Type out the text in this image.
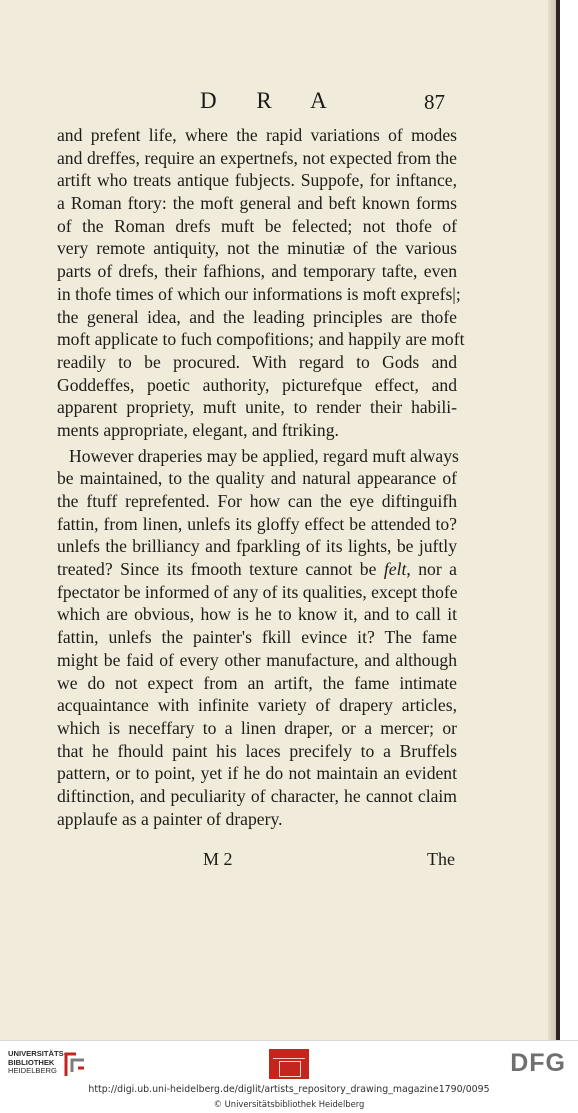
D R A	87
and prefent life, where the rapid variations of modes
and dreffes, require an expertnefs, not expected from the
artift who treats antique fubjects. Suppofe, for inftance,
a Roman ftory: the moft general and beft known forms
of the Roman drefs muft be felected; not thofe of
very remote antiquity, not the minutiæ of the various
parts of drefs, their fafhions, and temporary tafte, even
in thofe times of which our informations is moft exprefs|;
the general idea, and the leading principles are thofe
moft applicate to fuch compofitions; and happily are moft
readily to be procured. With regard to Gods and
Goddeffes, poetic authority, picturefque effect, and
apparent propriety, muft unite, to render their habili-
ments appropriate, elegant, and ftriking.
However draperies may be applied, regard muft always
be maintained, to the quality and natural appearance of
the ftuff reprefented. For how can the eye diftinguifh
fattin, from linen, unlefs its gloffy effect be attended to?
unlefs the brilliancy and fparkling of its lights, be juftly
treated? Since its fmooth texture cannot be felt, nor a
fpectator be informed of any of its qualities, except thofe
which are obvious, how is he to know it, and to call it
fattin, unlefs the painter's fkill evince it? The fame
might be faid of every other manufacture, and although
we do not expect from an artift, the fame intimate
acquaintance with infinite variety of drapery articles,
which is neceffary to a linen draper, or a mercer; or
that he fhould paint his laces precifely to a Bruffels
pattern, or to point, yet if he do not maintain an evident
diftinction, and peculiarity of character, he cannot claim
applaufe as a painter of drapery.
M 2	The
UNIVERSITÄTS-
BIBLIOTHEK
HEIDELBERG	DFG
http://digi.ub.uni-heidelberg.de/diglit/artists_repository_drawing_magazine1790/0095
© Universitätsbibliothek Heidelberg
